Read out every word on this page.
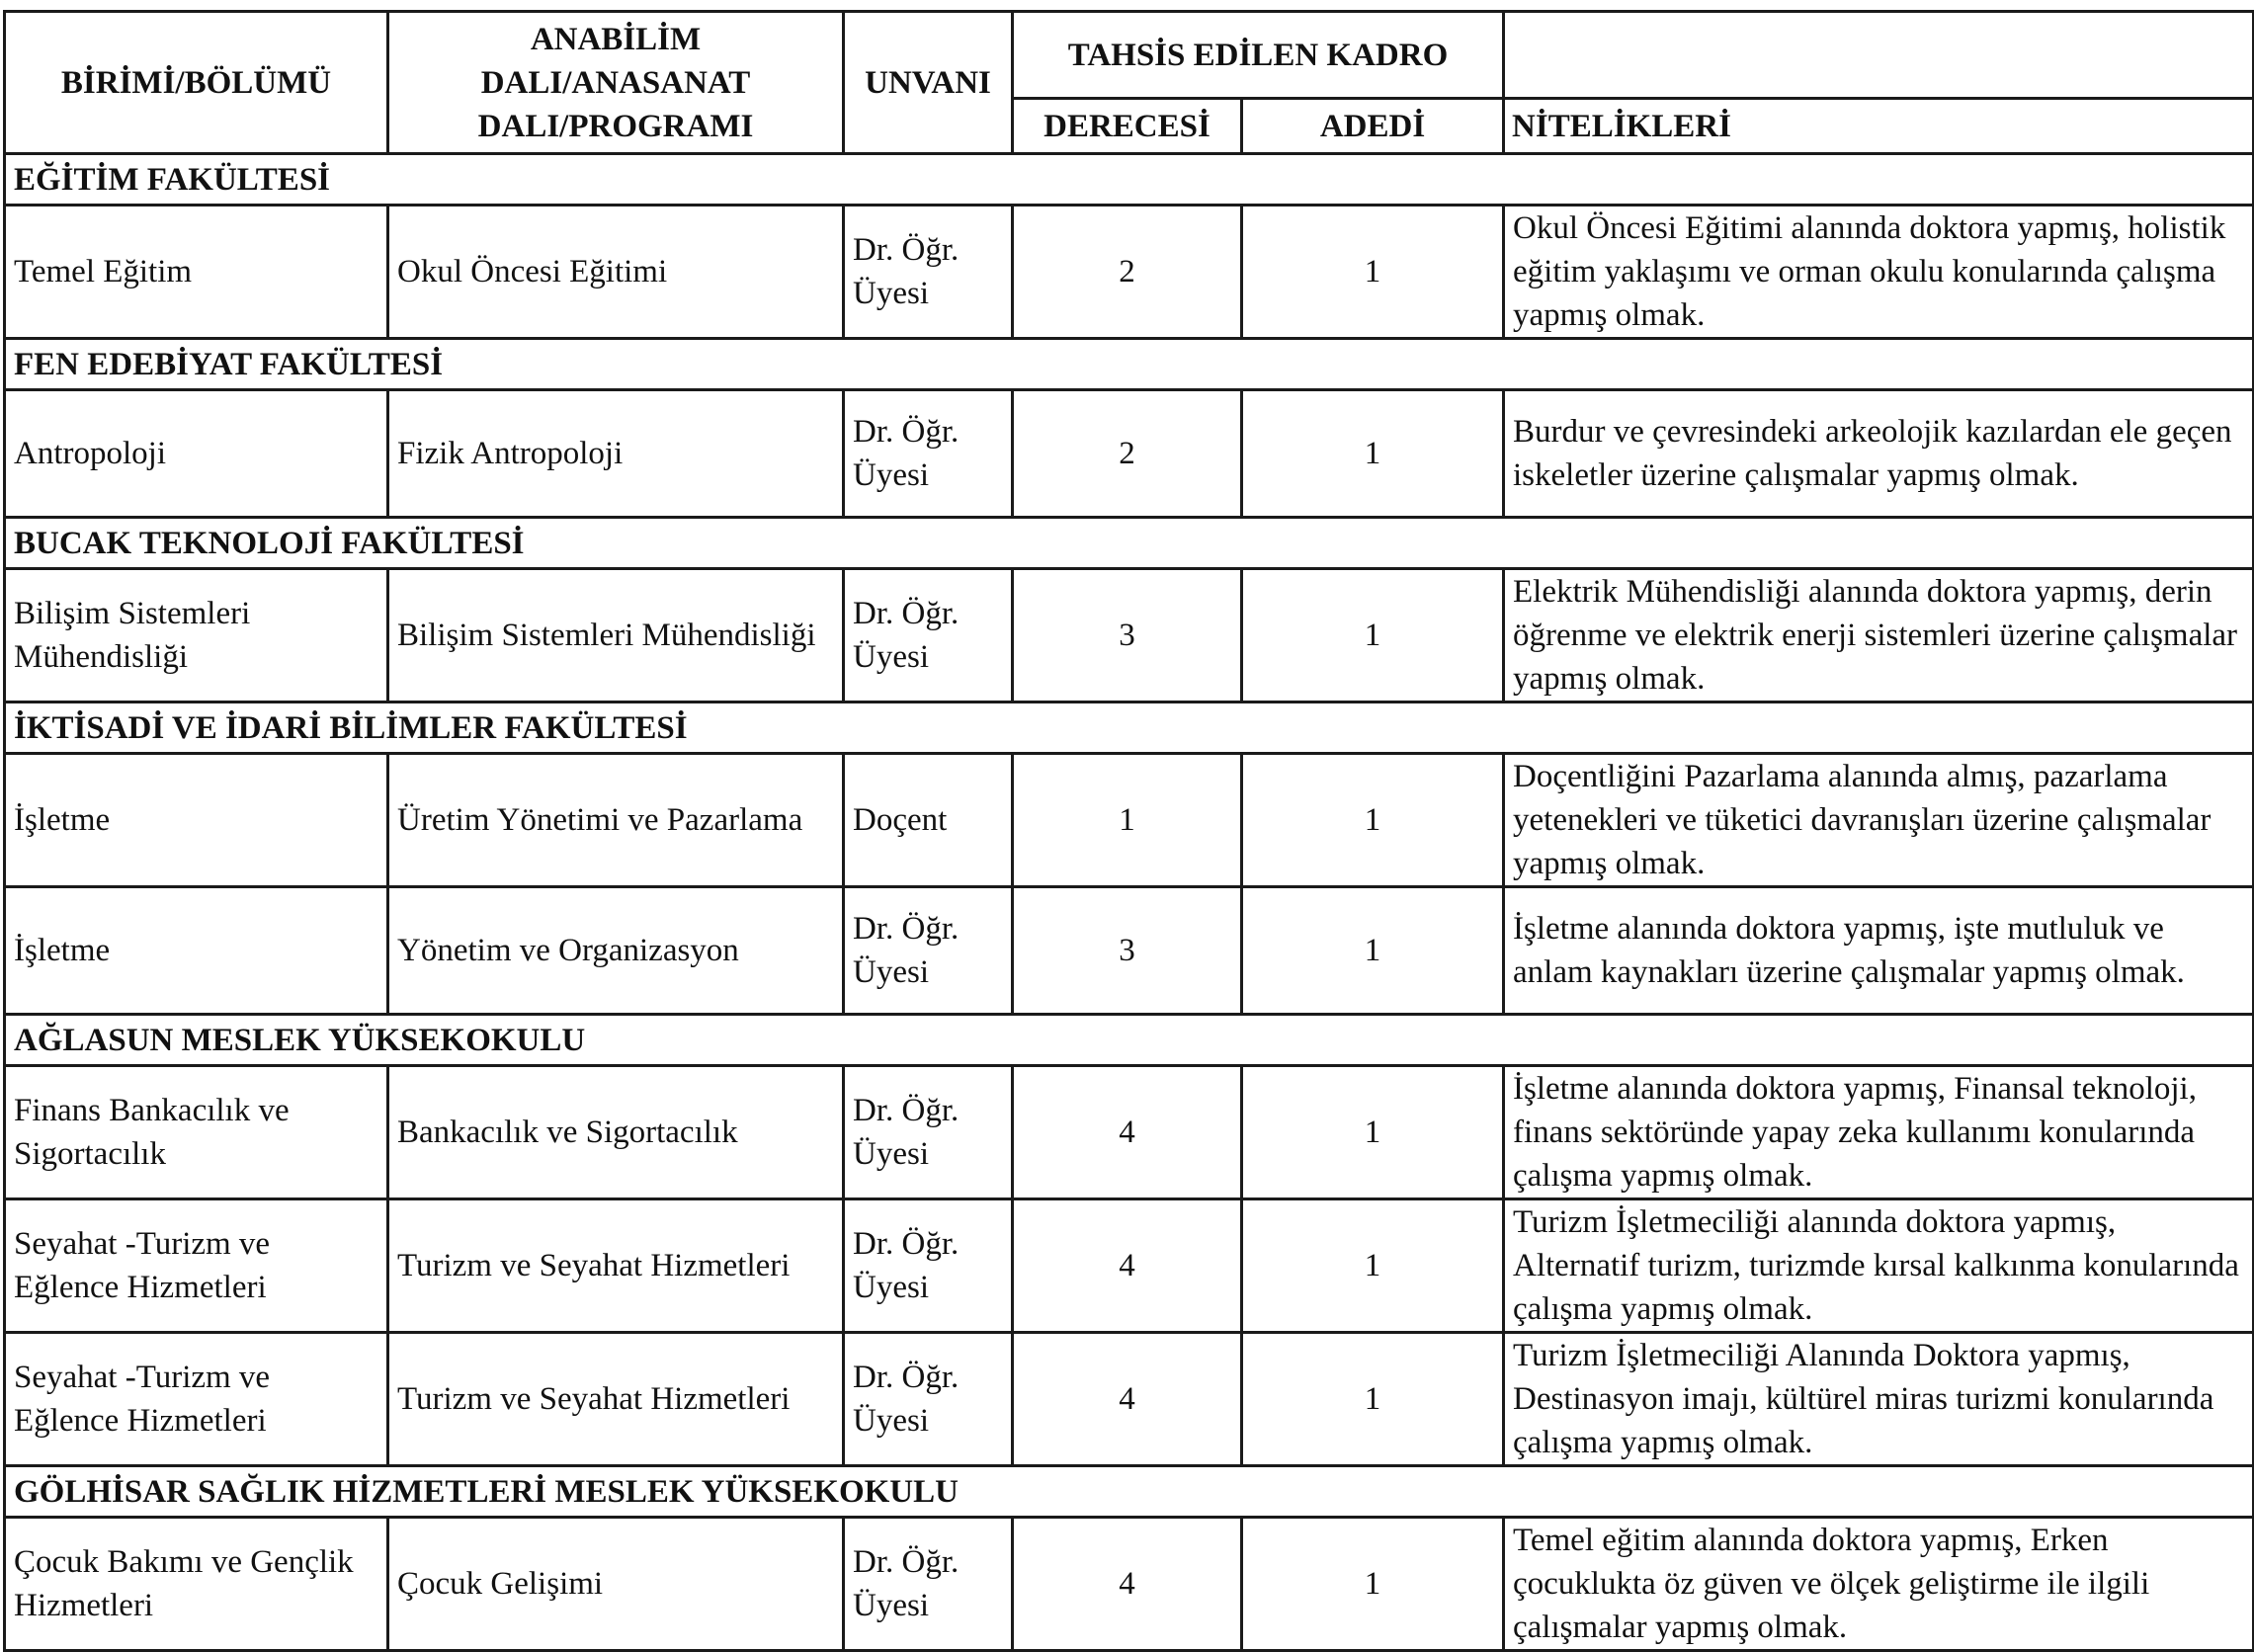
BİRİMİ/BÖLÜMÜ	ANABİLİM DALI/ANASANAT DALI/PROGRAMI	UNVANI	TAHSİS EDİLEN KADRO		
			DERECESİ	ADEDİ	NİTELİKLERİ
EĞİTİM FAKÜLTESİ					
Temel Eğitim	Okul Öncesi Eğitimi	Dr. Öğr. Üyesi	2	1	Okul Öncesi Eğitimi alanında doktora yapmış, holistik eğitim yaklaşımı ve orman okulu konularında çalışma yapmış olmak.
FEN EDEBİYAT FAKÜLTESİ					
Antropoloji	Fizik Antropoloji	Dr. Öğr. Üyesi	2	1	Burdur ve çevresindeki arkeolojik kazılardan ele geçen iskeletler üzerine çalışmalar yapmış olmak.
BUCAK TEKNOLOJİ FAKÜLTESİ					
Bilişim Sistemleri Mühendisliği	Bilişim Sistemleri Mühendisliği	Dr. Öğr. Üyesi	3	1	Elektrik Mühendisliği alanında doktora yapmış, derin öğrenme ve elektrik enerji sistemleri üzerine çalışmalar yapmış olmak.
İKTİSADİ VE İDARİ BİLİMLER FAKÜLTESİ					
İşletme	Üretim Yönetimi ve Pazarlama	Doçent	1	1	Doçentliğini Pazarlama alanında almış, pazarlama yetenekleri ve tüketici davranışları üzerine çalışmalar yapmış olmak.
İşletme	Yönetim ve Organizasyon	Dr. Öğr. Üyesi	3	1	İşletme alanında doktora yapmış, işte mutluluk ve anlam kaynakları üzerine çalışmalar yapmış olmak.
AĞLASUN MESLEK YÜKSEKOKULU					
Finans Bankacılık ve Sigortacılık	Bankacılık ve Sigortacılık	Dr. Öğr. Üyesi	4	1	İşletme alanında doktora yapmış, Finansal teknoloji, finans sektöründe yapay zeka kullanımı konularında çalışma yapmış olmak.
Seyahat -Turizm ve Eğlence Hizmetleri	Turizm ve Seyahat Hizmetleri	Dr. Öğr. Üyesi	4	1	Turizm İşletmeciliği alanında doktora yapmış, Alternatif turizm, turizmde kırsal kalkınma konularında çalışma yapmış olmak.
Seyahat -Turizm ve Eğlence Hizmetleri	Turizm ve Seyahat Hizmetleri	Dr. Öğr. Üyesi	4	1	Turizm İşletmeciliği Alanında Doktora yapmış, Destinasyon imajı, kültürel miras turizmi konularında çalışma yapmış olmak.
GÖLHİSAR SAĞLIK HİZMETLERİ MESLEK YÜKSEKOKULU					
Çocuk Bakımı ve Gençlik Hizmetleri	Çocuk Gelişimi	Dr. Öğr. Üyesi	4	1	Temel eğitim alanında doktora yapmış, Erken çocuklukta öz güven ve ölçek geliştirme ile ilgili çalışmalar yapmış olmak.
